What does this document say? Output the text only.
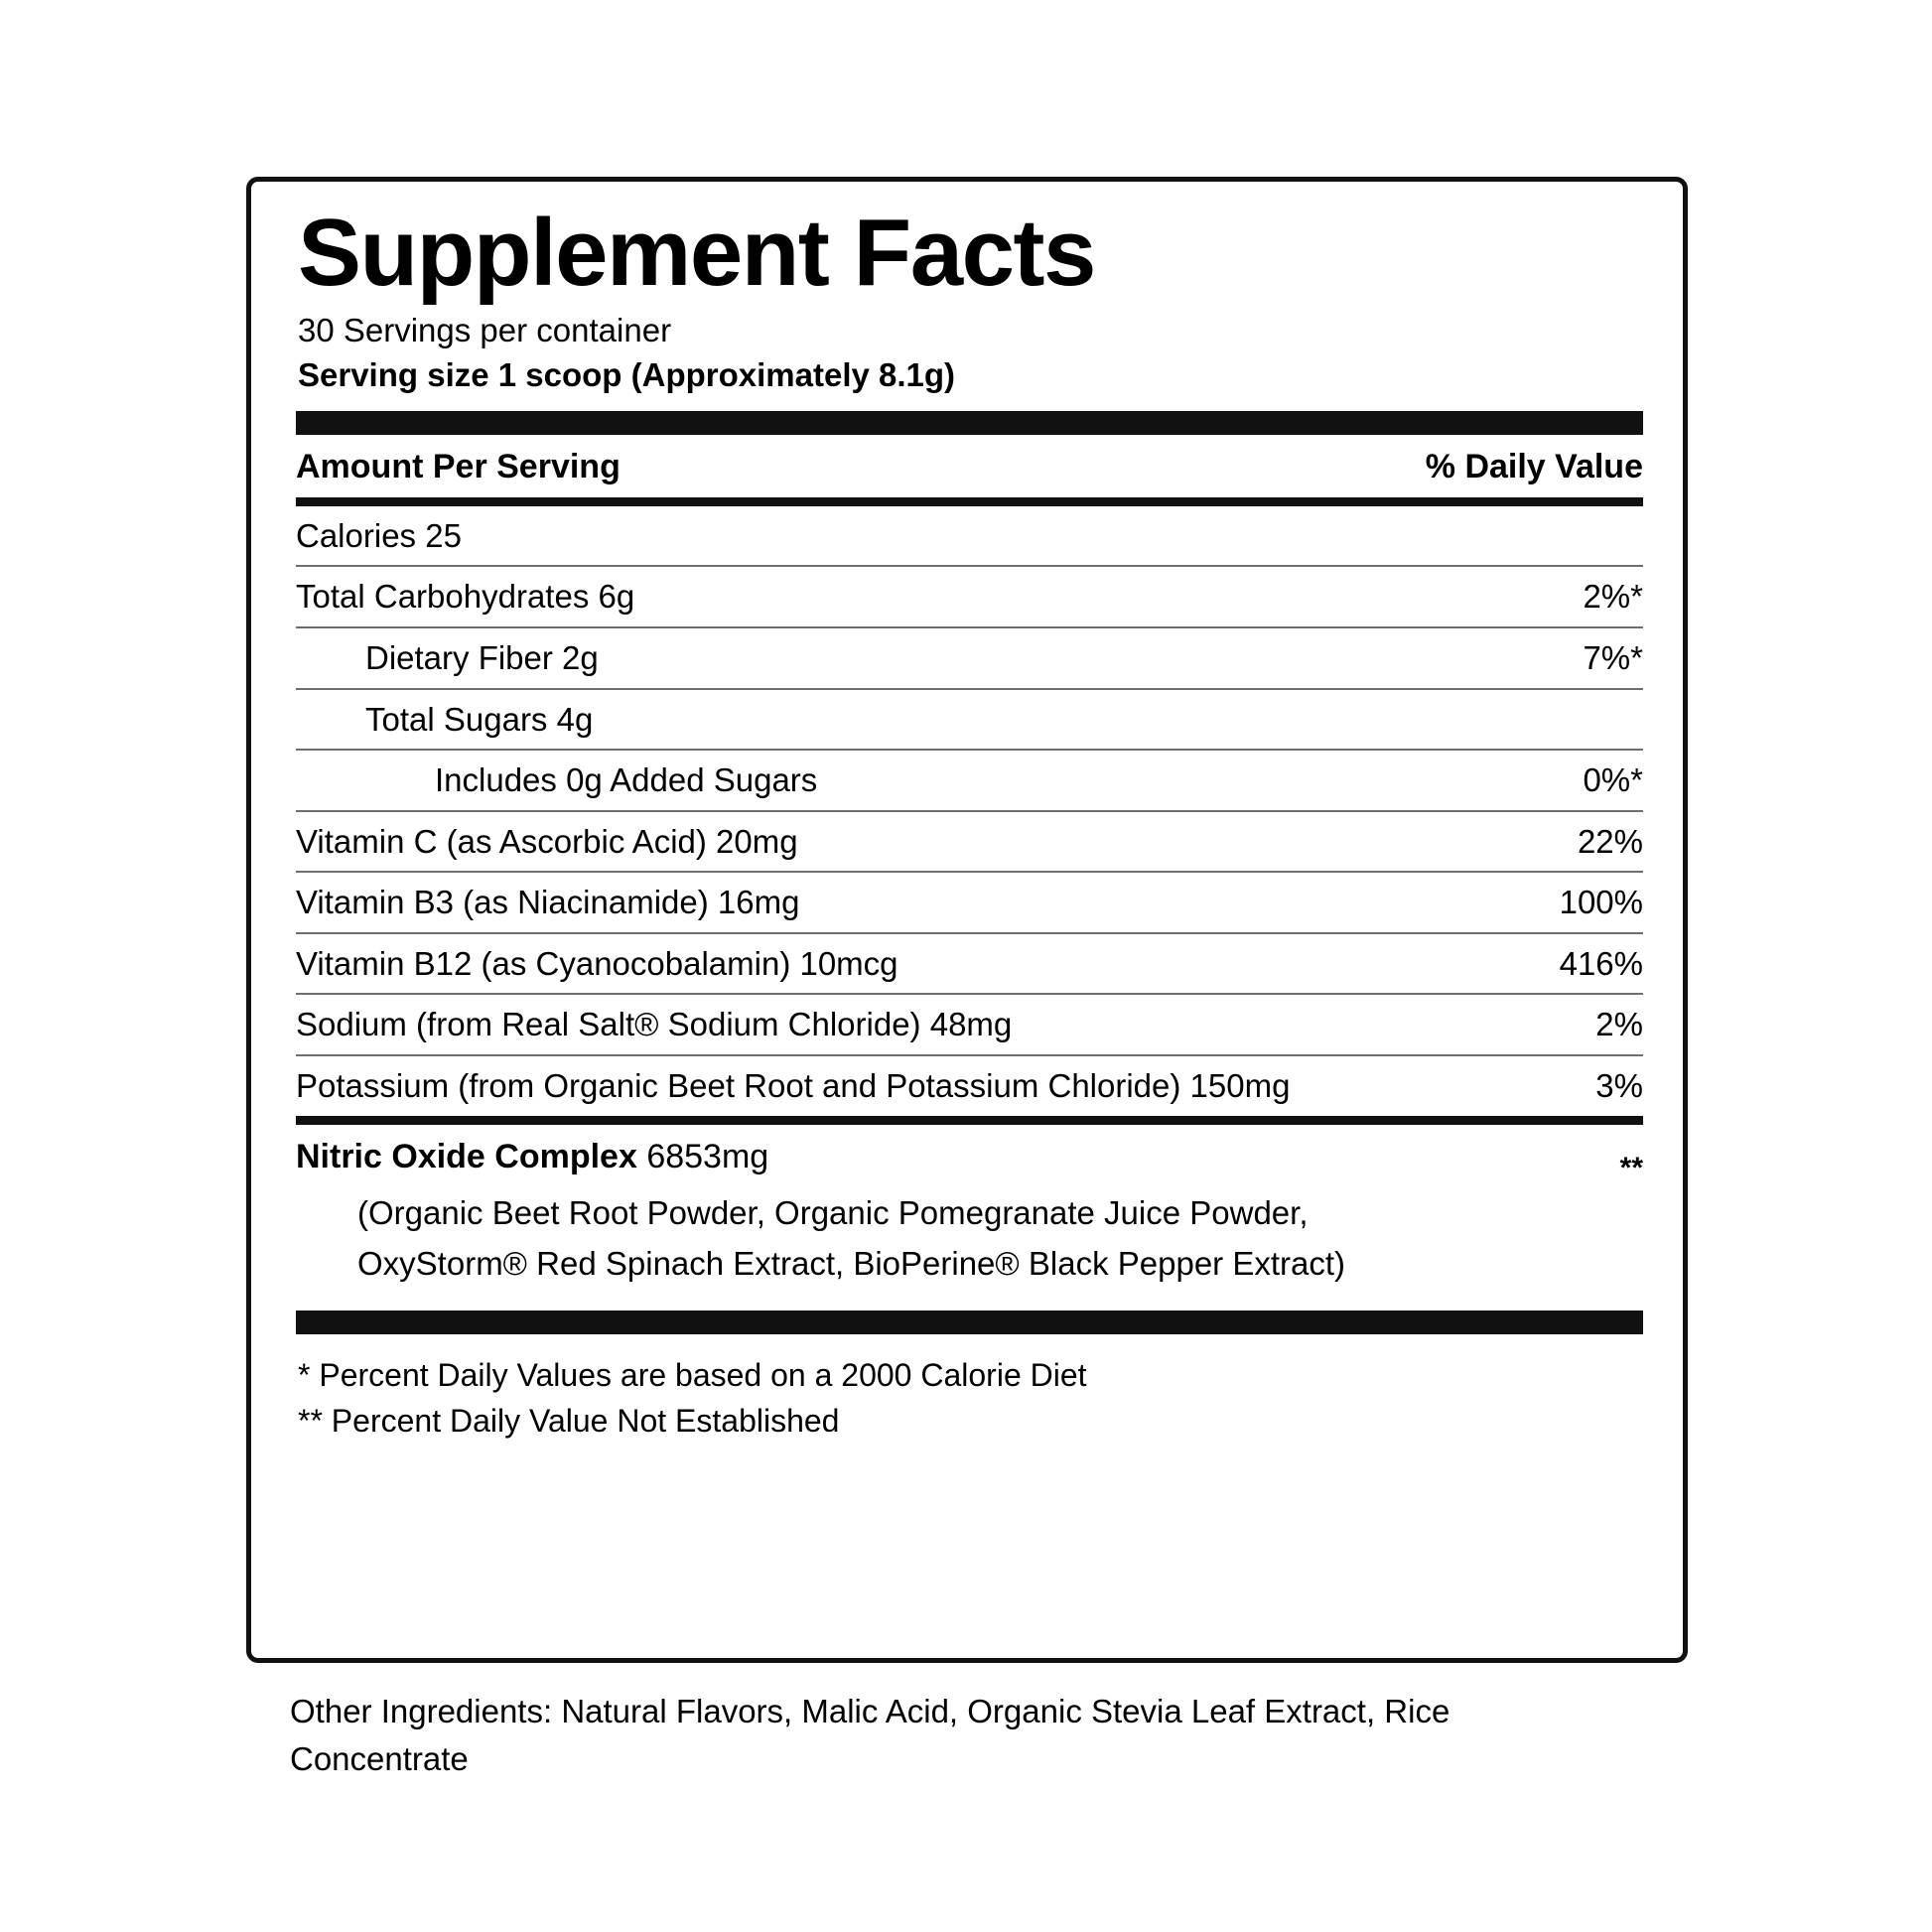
Supplement Facts
30 Servings per container
Serving size 1 scoop (Approximately 8.1g)
Amount Per Serving	% Daily Value
Calories 25
Total Carbohydrates 6g	2%*
Dietary Fiber 2g	7%*
Total Sugars 4g
Includes 0g Added Sugars	0%*
Vitamin C (as Ascorbic Acid) 20mg	22%
Vitamin B3 (as Niacinamide) 16mg	100%
Vitamin B12 (as Cyanocobalamin) 10mcg	416%
Sodium (from Real Salt® Sodium Chloride) 48mg	2%
Potassium (from Organic Beet Root and Potassium Chloride) 150mg	3%
Nitric Oxide Complex 6853mg	**
(Organic Beet Root Powder, Organic Pomegranate Juice Powder,
OxyStorm® Red Spinach Extract, BioPerine® Black Pepper Extract)
* Percent Daily Values are based on a 2000 Calorie Diet
** Percent Daily Value Not Established
Other Ingredients: Natural Flavors, Malic Acid, Organic Stevia Leaf Extract, Rice Concentrate
